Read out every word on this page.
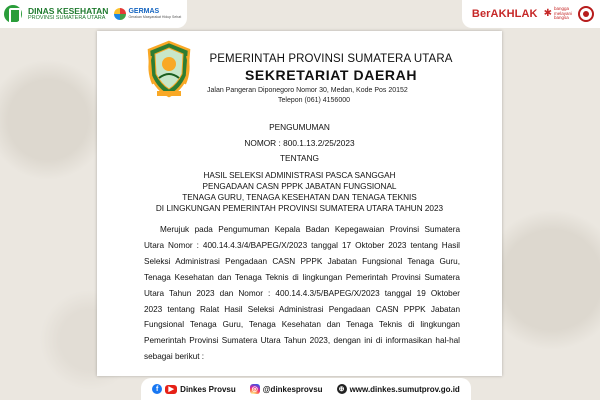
DINAS KESEHATAN
PROVINSI SUMATERA UTARA
GERMAS
Gerakan Masyarakat Hidup Sehat	BerAKHLAK ✱ bangga
melayani
bangsa
PEMERINTAH PROVINSI SUMATERA UTARA
SEKRETARIAT DAERAH
Jalan Pangeran Diponegoro Nomor 30, Medan, Kode Pos 20152
Telepon (061) 4156000
PENGUMUMAN
NOMOR : 800.1.13.2/25/2023
TENTANG
HASIL SELEKSI ADMINISTRASI PASCA SANGGAH
PENGADAAN CASN PPPK JABATAN FUNGSIONAL
TENAGA GURU, TENAGA KESEHATAN DAN TENAGA TEKNIS
DI LINGKUNGAN PEMERINTAH PROVINSI SUMATERA UTARA TAHUN 2023
Merujuk pada Pengumuman Kepala Badan Kepegawaian Provinsi Sumatera
Utara Nomor : 400.14.4.3/4/BAPEG/X/2023 tanggal 17 Oktober 2023 tentang Hasil
Seleksi Administrasi Pengadaan CASN PPPK Jabatan Fungsional Tenaga Guru,
Tenaga Kesehatan dan Tenaga Teknis di lingkungan Pemerintah Provinsi Sumatera
Utara Tahun 2023 dan Nomor : 400.14.4.3/5/BAPEG/X/2023 tanggal 19 Oktober
2023 tentang Ralat Hasil Seleksi Administrasi Pengadaan CASN PPPK Jabatan
Fungsional Tenaga Guru, Tenaga Kesehatan dan Tenaga Teknis di lingkungan
Pemerintah Provinsi Sumatera Utara Tahun 2023, dengan ini di informasikan hal-hal
sebagai berikut :
f	▶ Dinkes Provsu ◎ @dinkesprovsu ⊕ www.dinkes.sumutprov.go.id
